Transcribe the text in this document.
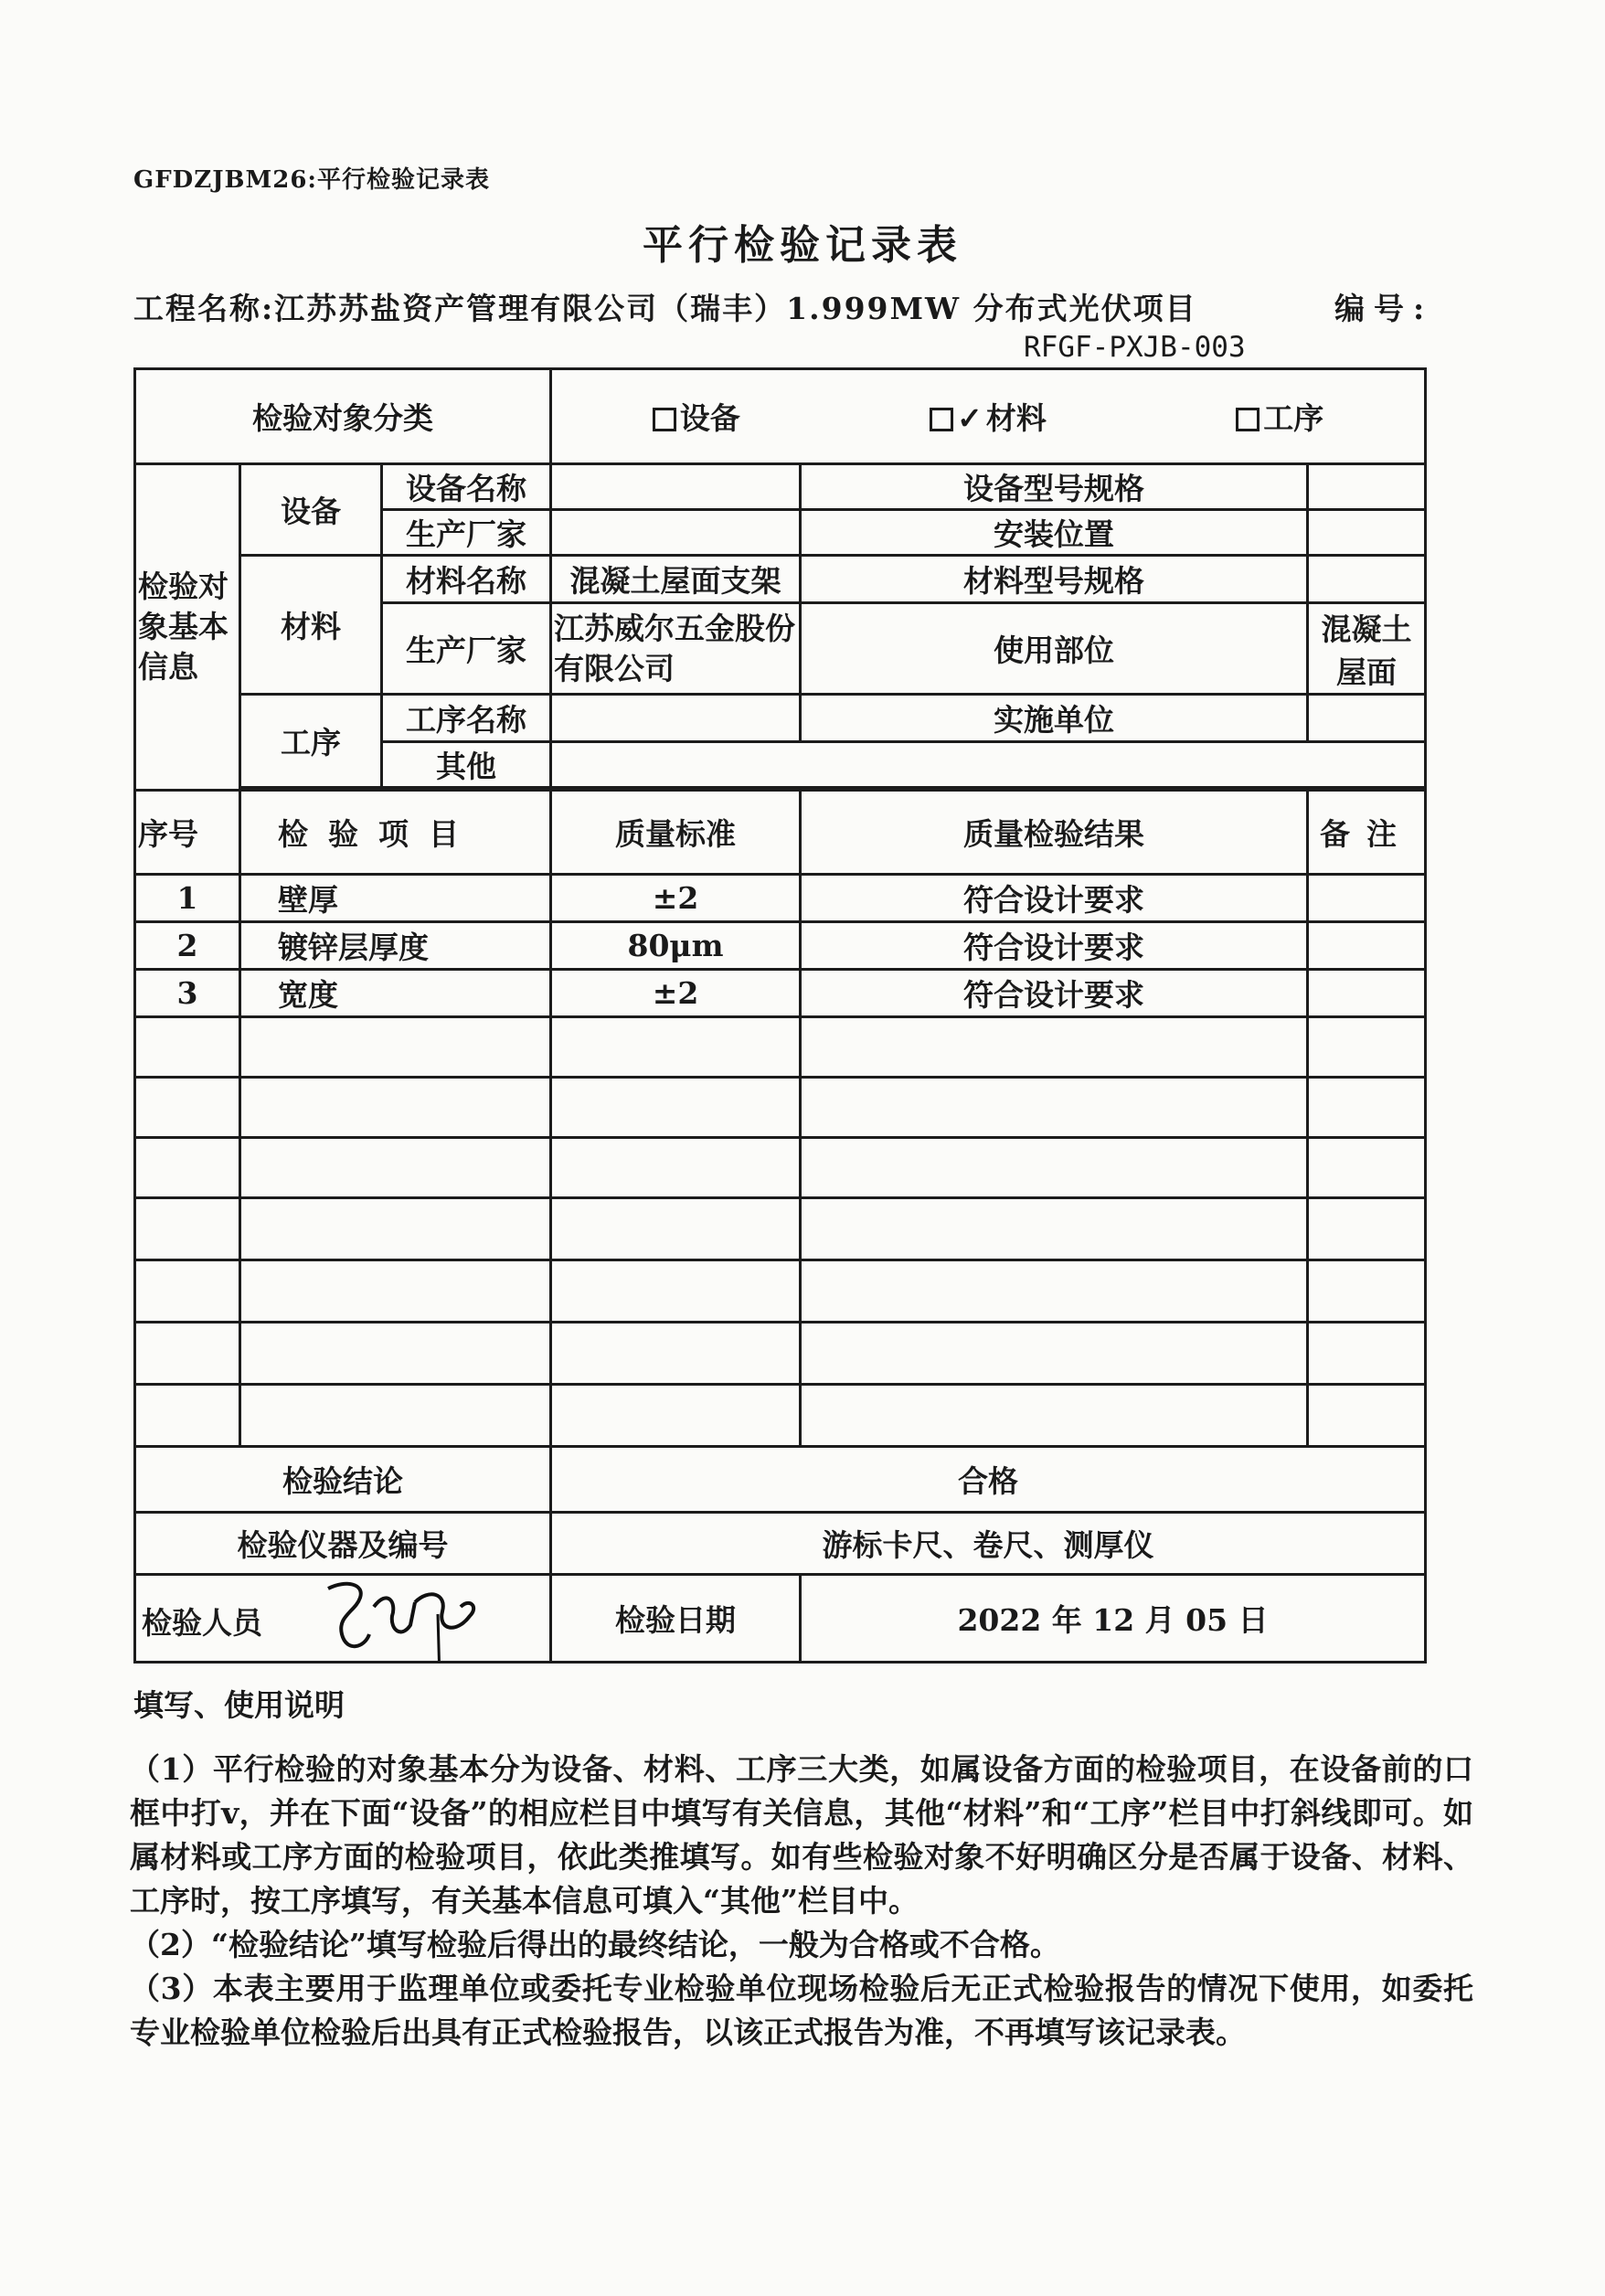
GFDZJBM26:平行检验记录表
平行检验记录表
工程名称:江苏苏盐资产管理有限公司（瑞丰）1.999MW 分布式光伏项目	编号:
RFGF-PXJB-003
检验对象分类			设备 ✓ 材料 工序		

检验对象基本信息	设备	设备名称		设备型号规格	
		生产厂家		安装位置	
	材料	材料名称	混凝土屋面支架	材料型号规格	
		生产厂家	江苏威尔五金股份有限公司	使用部位	混凝土屋面
	工序	工序名称		实施单位	
		其他			

序号	检验项目		质量标准	质量检验结果	备注
1	壁厚		±2	符合设计要求	
2	镀锌层厚度		80μm	符合设计要求	
3	宽度		±2	符合设计要求	

检验结论			合格		
检验仪器及编号			游标卡尺、卷尺、测厚仪		

检验人员			检验日期	2022 年 12 月 05 日	
填写、使用说明

（1）平行检验的对象基本分为设备、材料、工序三大类，如属设备方面的检验项目，在设备前的口框中打v，并在下面“设备”的相应栏目中填写有关信息，其他“材料”和“工序”栏目中打斜线即可。如属材料或工序方面的检验项目，依此类推填写。如有些检验对象不好明确区分是否属于设备、材料、工序时，按工序填写，有关基本信息可填入“其他”栏目中。

（2）“检验结论”填写检验后得出的最终结论，一般为合格或不合格。

（3）本表主要用于监理单位或委托专业检验单位现场检验后无正式检验报告的情况下使用，如委托专业检验单位检验后出具有正式检验报告，以该正式报告为准，不再填写该记录表。
